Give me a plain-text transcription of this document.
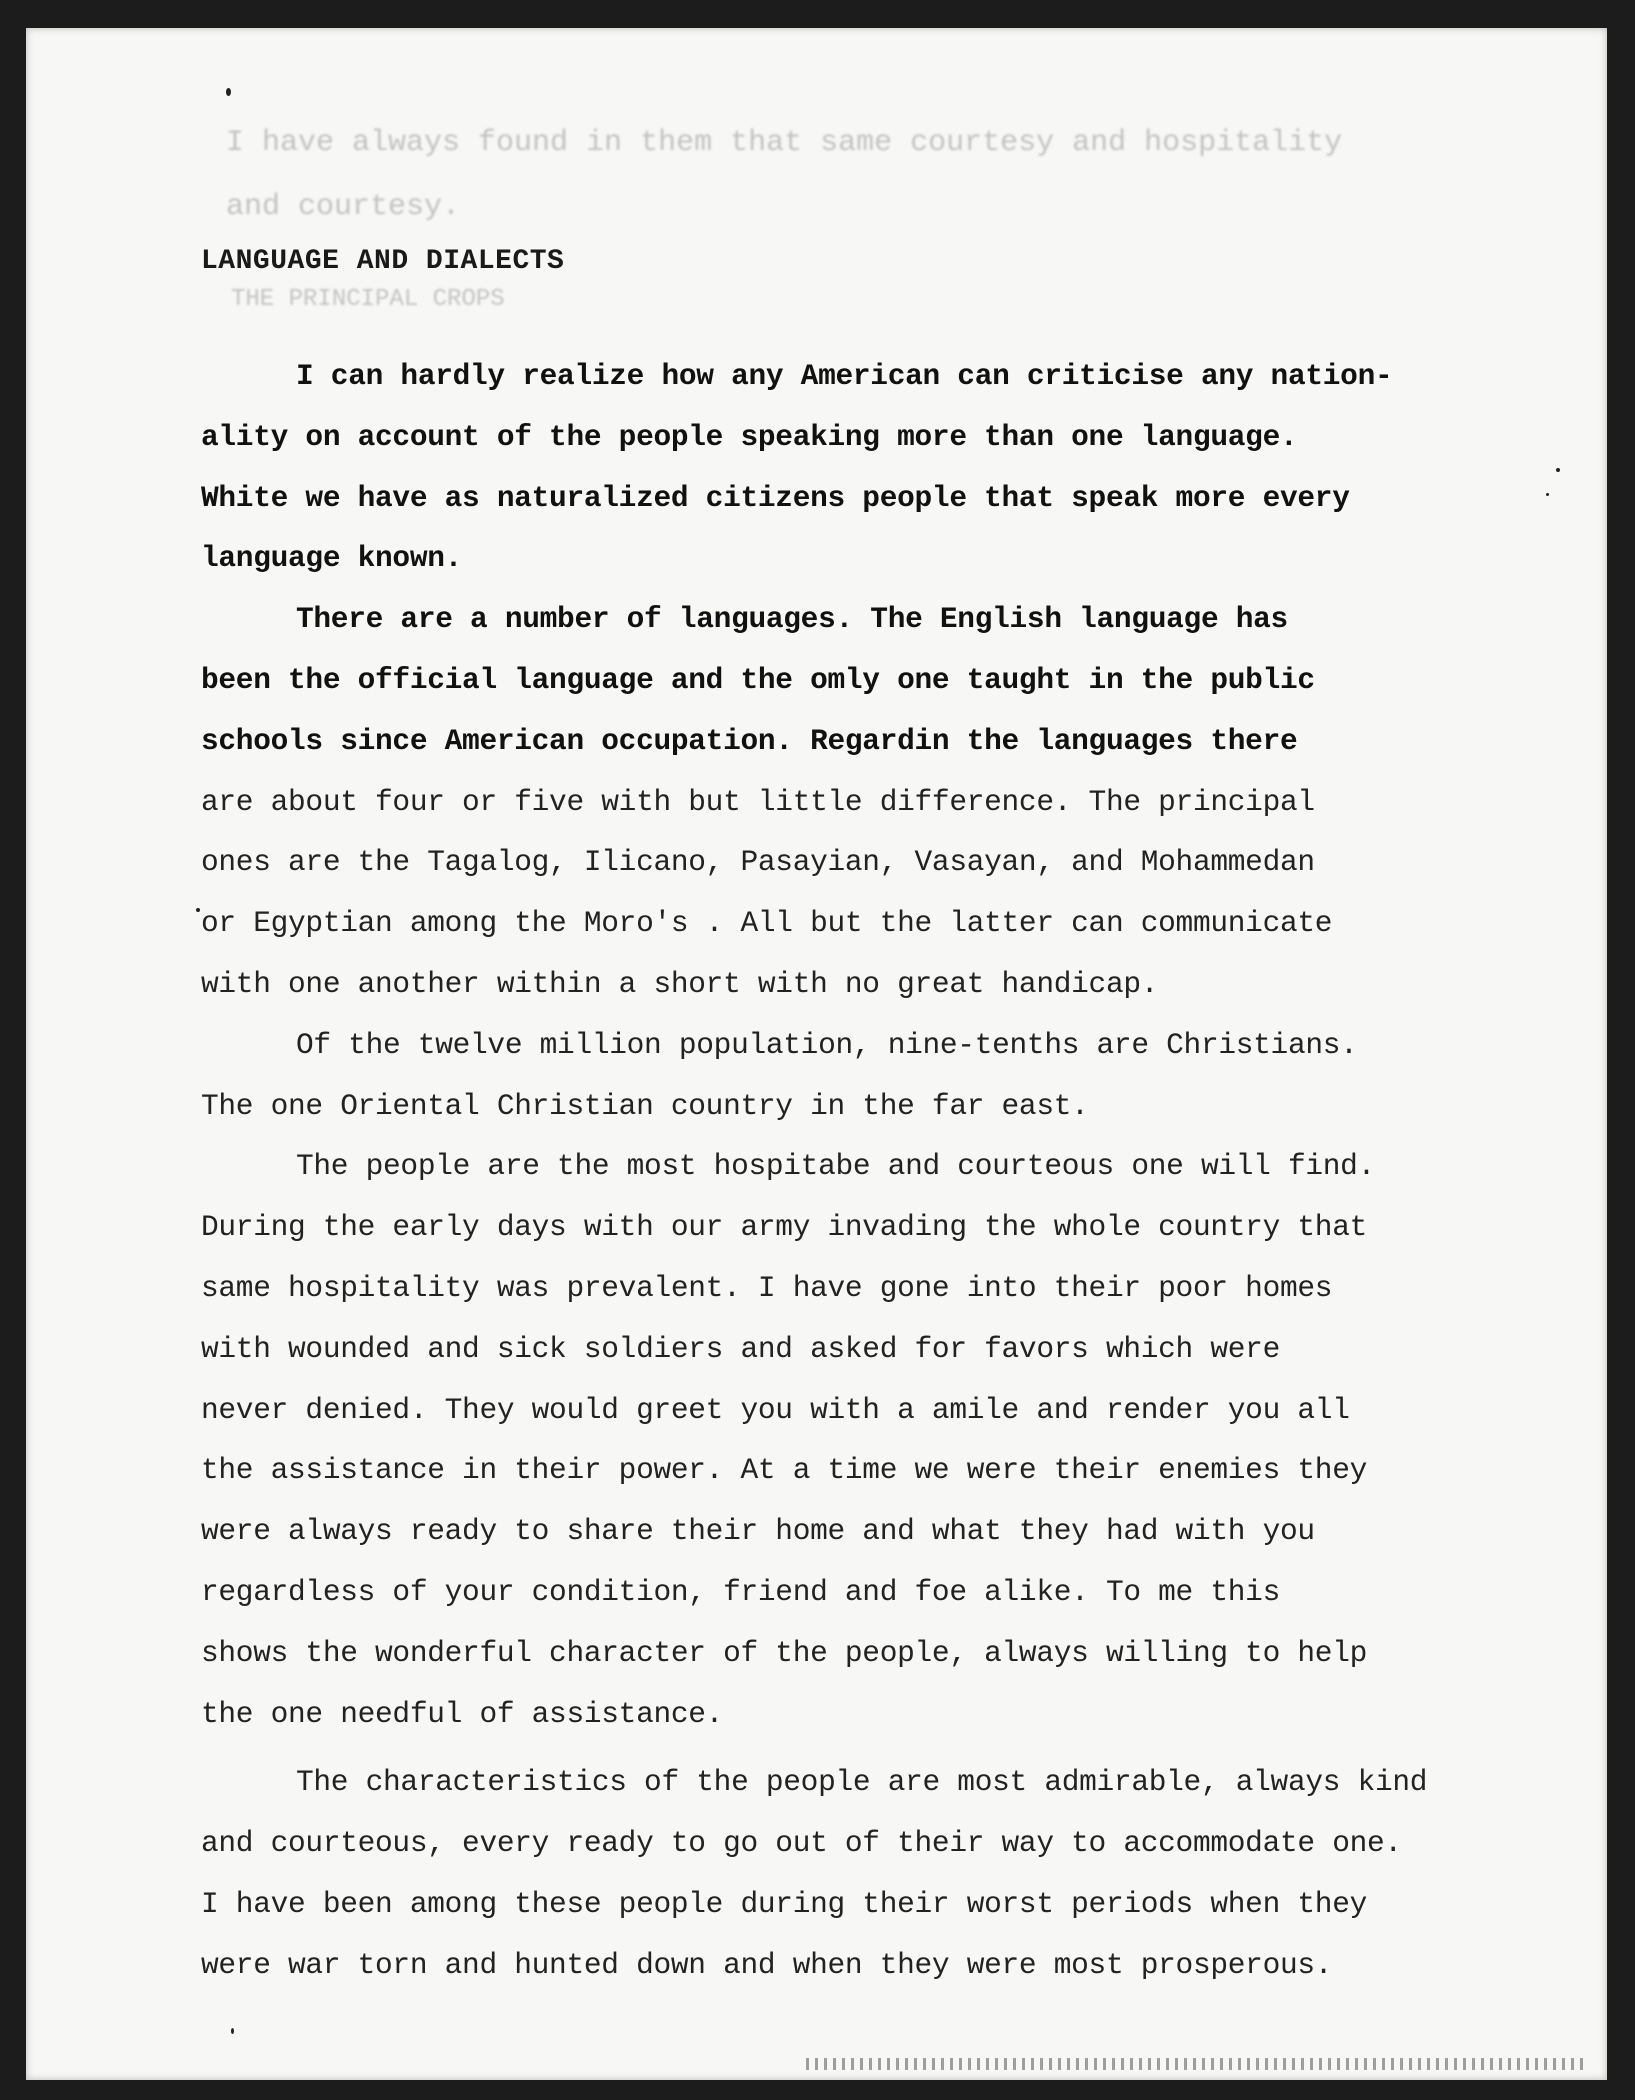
I have always found in them that same courtesy and hospitality
and courtesy.
THE PRINCIPAL CROPS
LANGUAGE AND DIALECTS
I can hardly realize how any American can criticise any nation-
ality on account of the people speaking more than one language.
White we have as naturalized citizens people that speak more every
language known.
There are a number of languages. The English language has
been the official language and the omly one taught in the public
schools since American occupation. Regardin the languages there
are about four or five with but little difference. The principal
ones are the Tagalog, Ilicano, Pasayian, Vasayan, and Mohammedan
or Egyptian among the Moro's . All but the latter can communicate
with one another within a short with no great handicap.
Of the twelve million population, nine-tenths are Christians.
The one Oriental Christian country in the far east.
The people are the most hospitabe and courteous one will find.
During the early days with our army invading the whole country that
same hospitality was prevalent. I have gone into their poor homes
with wounded and sick soldiers and asked for favors which were
never denied. They would greet you with a amile and render you all
the assistance in their power. At a time we were their enemies they
were always ready to share their home and what they had with you
regardless of your condition, friend and foe alike. To me this
shows the wonderful character of the people, always willing to help
the one needful of assistance.
The characteristics of the people are most admirable, always kind
and courteous, every ready to go out of their way to accommodate one.
I have been among these people during their worst periods when they
were war torn and hunted down and when they were most prosperous.
